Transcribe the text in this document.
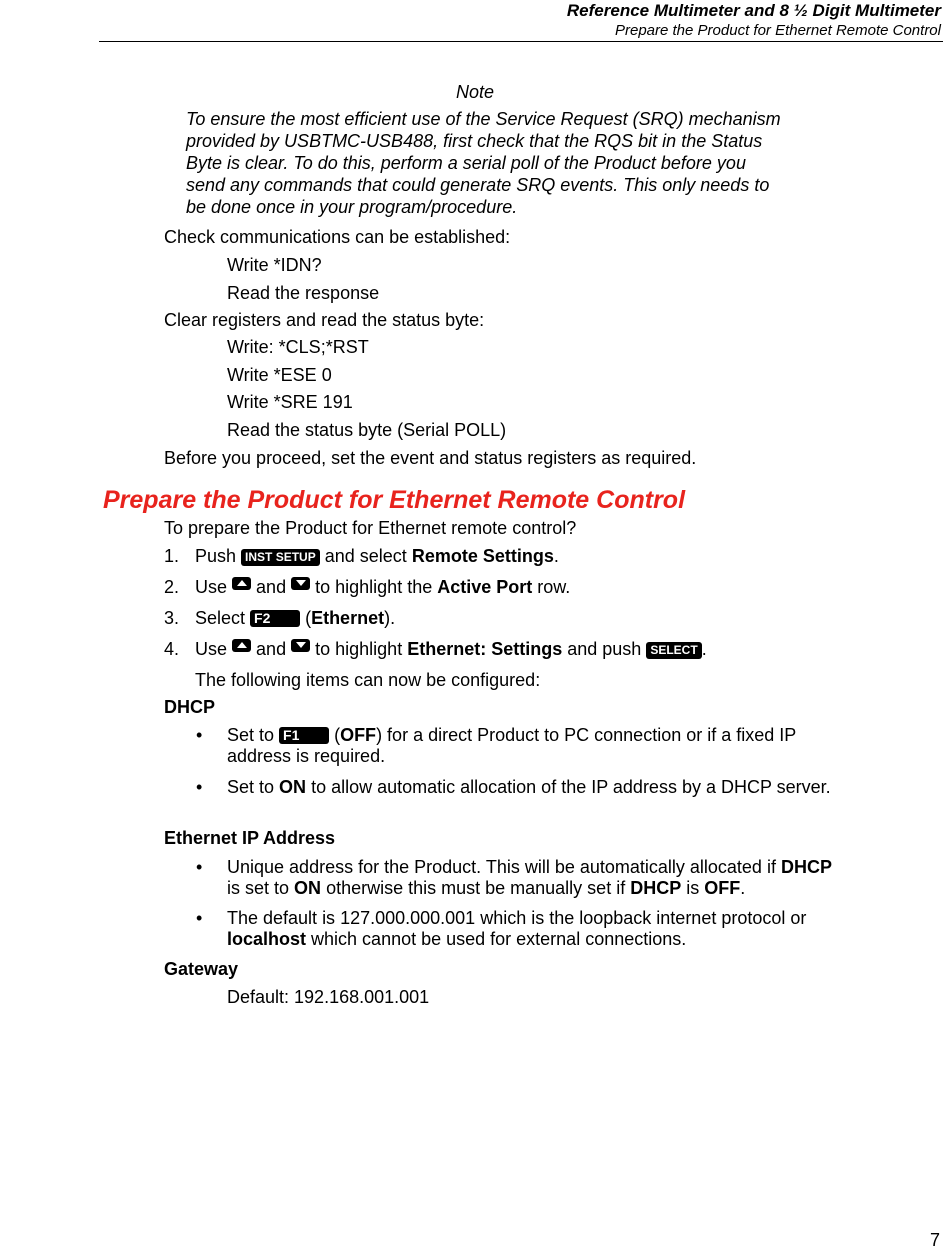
Reference Multimeter and 8 ½ Digit Multimeter
Prepare the Product for Ethernet Remote Control
Note
To ensure the most efficient use of the Service Request (SRQ) mechanism provided by USBTMC-USB488, first check that the RQS bit in the Status Byte is clear. To do this, perform a serial poll of the Product before you send any commands that could generate SRQ events. This only needs to be done once in your program/procedure.
Check communications can be established:
Write *IDN?
Read the response
Clear registers and read the status byte:
Write: *CLS;*RST
Write *ESE 0
Write *SRE 191
Read the status byte (Serial POLL)
Before you proceed, set the event and status registers as required.
Prepare the Product for Ethernet Remote Control
To prepare the Product for Ethernet remote control?
1. Push INST SETUP and select Remote Settings.
2. Use and to highlight the Active Port row.
3. Select F2 (Ethernet).
4. Use and to highlight Ethernet: Settings and push SELECT .
The following items can now be configured:
DHCP
• Set to F1 (OFF) for a direct Product to PC connection or if a fixed IP address is required.
• Set to ON to allow automatic allocation of the IP address by a DHCP server.
Ethernet IP Address
• Unique address for the Product. This will be automatically allocated if DHCP is set to ON otherwise this must be manually set if DHCP is OFF.
• The default is 127.000.000.001 which is the loopback internet protocol or localhost which cannot be used for external connections.
Gateway
Default: 192.168.001.001
7
